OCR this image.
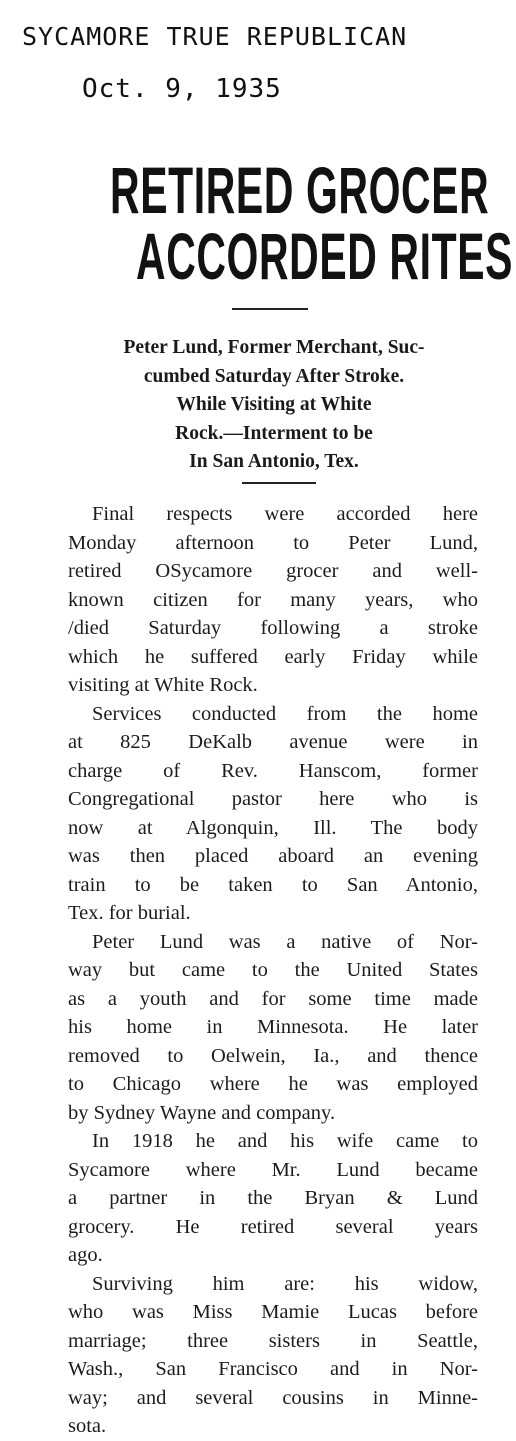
SYCAMORE TRUE REPUBLICAN
Oct. 9, 1935
RETIRED GROCER
ACCORDED RITES
Peter Lund, Former Merchant, Suc-
cumbed Saturday After Stroke.
While Visiting at White
Rock.—Interment to be
In San Antonio, Tex.
Final respects were accorded here
Monday afternoon to Peter Lund,
retired OSycamore grocer and well-
known citizen for many years, who
/died Saturday following a stroke
which he suffered early Friday while
visiting at White Rock.
Services conducted from the home
at 825 DeKalb avenue were in
charge of Rev. Hanscom, former
Congregational pastor here who is
now at Algonquin, Ill. The body
was then placed aboard an evening
train to be taken to San Antonio,
Tex. for burial.
Peter Lund was a native of Nor-
way but came to the United States
as a youth and for some time made
his home in Minnesota. He later
removed to Oelwein, Ia., and thence
to Chicago where he was employed
by Sydney Wayne and company.
In 1918 he and his wife came to
Sycamore where Mr. Lund became
a partner in the Bryan & Lund
grocery. He retired several years
ago.
Surviving him are: his widow,
who was Miss Mamie Lucas before
marriage; three sisters in Seattle,
Wash., San Francisco and in Nor-
way; and several cousins in Minne-
sota.
